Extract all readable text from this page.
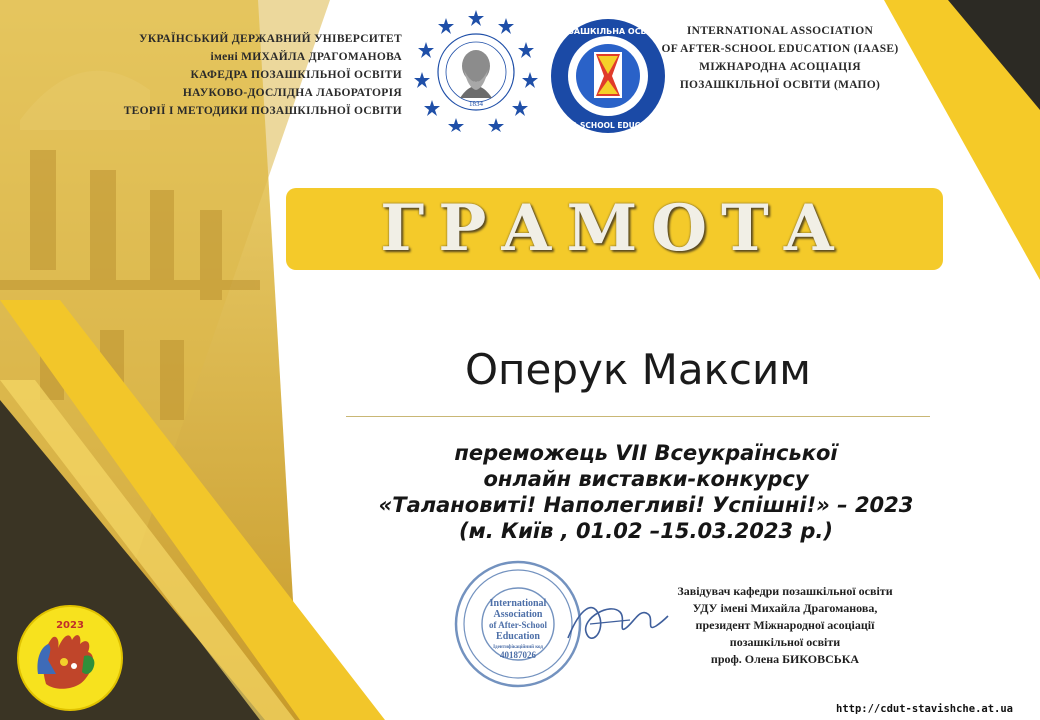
УКРАЇНСЬКИЙ ДЕРЖАВНИЙ УНІВЕРСИТЕТ
імені МИХАЙЛА ДРАГОМАНОВА
КАФЕДРА ПОЗАШКІЛЬНОЇ ОСВІТИ
НАУКОВО-ДОСЛІДНА ЛАБОРАТОРІЯ
ТЕОРІЇ І МЕТОДИКИ ПОЗАШКІЛЬНОЇ ОСВІТИ
1834
ПОЗАШКІЛЬНА ОСВІТА
AFTER-SCHOOL EDUCATION
INTERNATIONAL ASSOCIATION
OF AFTER-SCHOOL EDUCATION (IAASE)
МІЖНАРОДНА АСОЦІАЦІЯ
ПОЗАШКІЛЬНОЇ ОСВІТИ (МАПО)
ГРАМОТА
Оперук Максим
переможець VII Всеукраїнської
онлайн виставки-конкурсу
«Талановиті! Наполегливі! Успішні!» – 2023
(м. Київ , 01.02 –15.03.2023 р.)
International
Association
of After-School
Education
Ідентифікаційний код
40187026
Завідувач кафедри позашкільної освіти
УДУ імені Михайла Драгоманова,
президент Міжнародної асоціації
позашкільної освіти
проф. Олена БИКОВСЬКА
2023
http://cdut-stavishche.at.ua
